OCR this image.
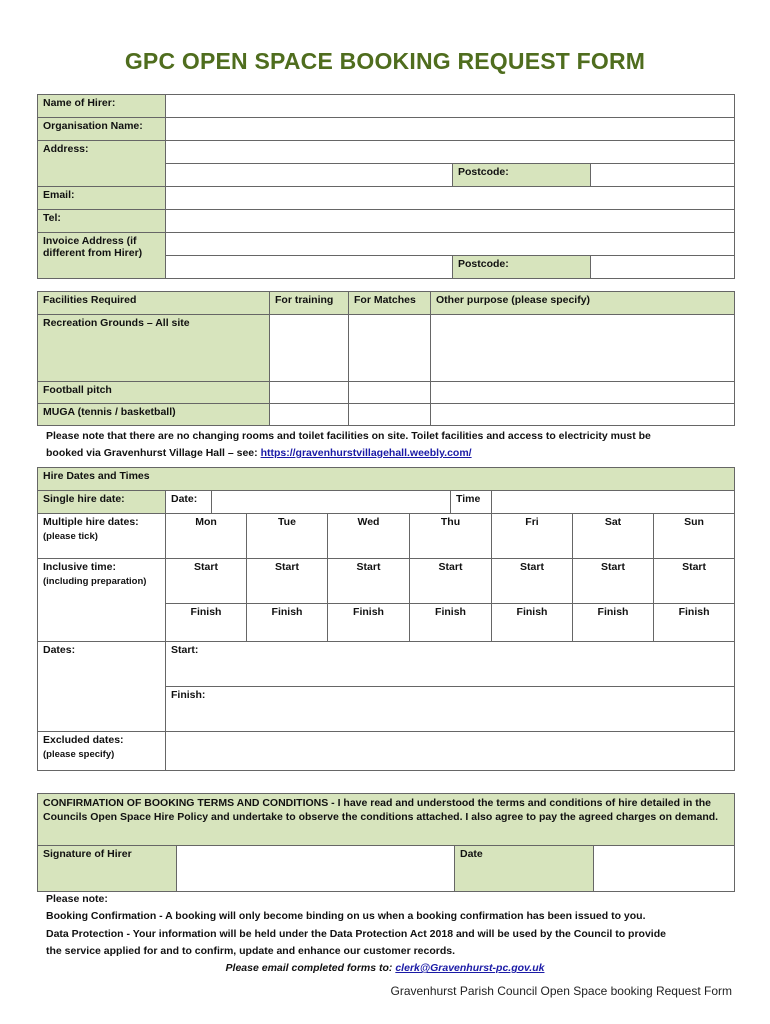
GPC OPEN SPACE BOOKING REQUEST FORM
Name of Hirer:			
Organisation Name:			
Address:			
		Postcode:	
Email:			
Tel:			
Invoice Address (if different from Hirer)			
		Postcode:	
Facilities Required	For training	For Matches	Other purpose (please specify)
Recreation Grounds – All site			
Football pitch			
MUGA (tennis / basketball)			
Please note that there are no changing rooms and toilet facilities on site. Toilet facilities and access to electricity must be
booked via Gravenhurst Village Hall – see: https://gravenhurstvillagehall.weebly.com/
Hire Dates and Times									
Single hire date:	Date:					Time			

Multiple hire dates:
(please tick)	Mon		Tue	Wed	Thu		Fri	Sat	Sun

Inclusive time:
(including preparation)	Start		Start	Start	Start		Start	Start	Start
	Finish		Finish	Finish	Finish		Finish	Finish	Finish
Dates:	Start:								
	Finish:								

Excluded dates:
(please specify)									

CONFIRMATION OF BOOKING TERMS AND CONDITIONS - I have read and understood the terms and conditions of hire detailed in the Councils Open Space Hire Policy and undertake to observe the conditions attached. I also agree to pay the agreed charges on demand.
Signature of Hirer		Date	
Please note:
Booking Confirmation - A booking will only become binding on us when a booking confirmation has been issued to you.
Data Protection - Your information will be held under the Data Protection Act 2018 and will be used by the Council to provide
the service applied for and to confirm, update and enhance our customer records.
Please email completed forms to: clerk@Gravenhurst-pc.gov.uk
Gravenhurst Parish Council Open Space booking Request Form
